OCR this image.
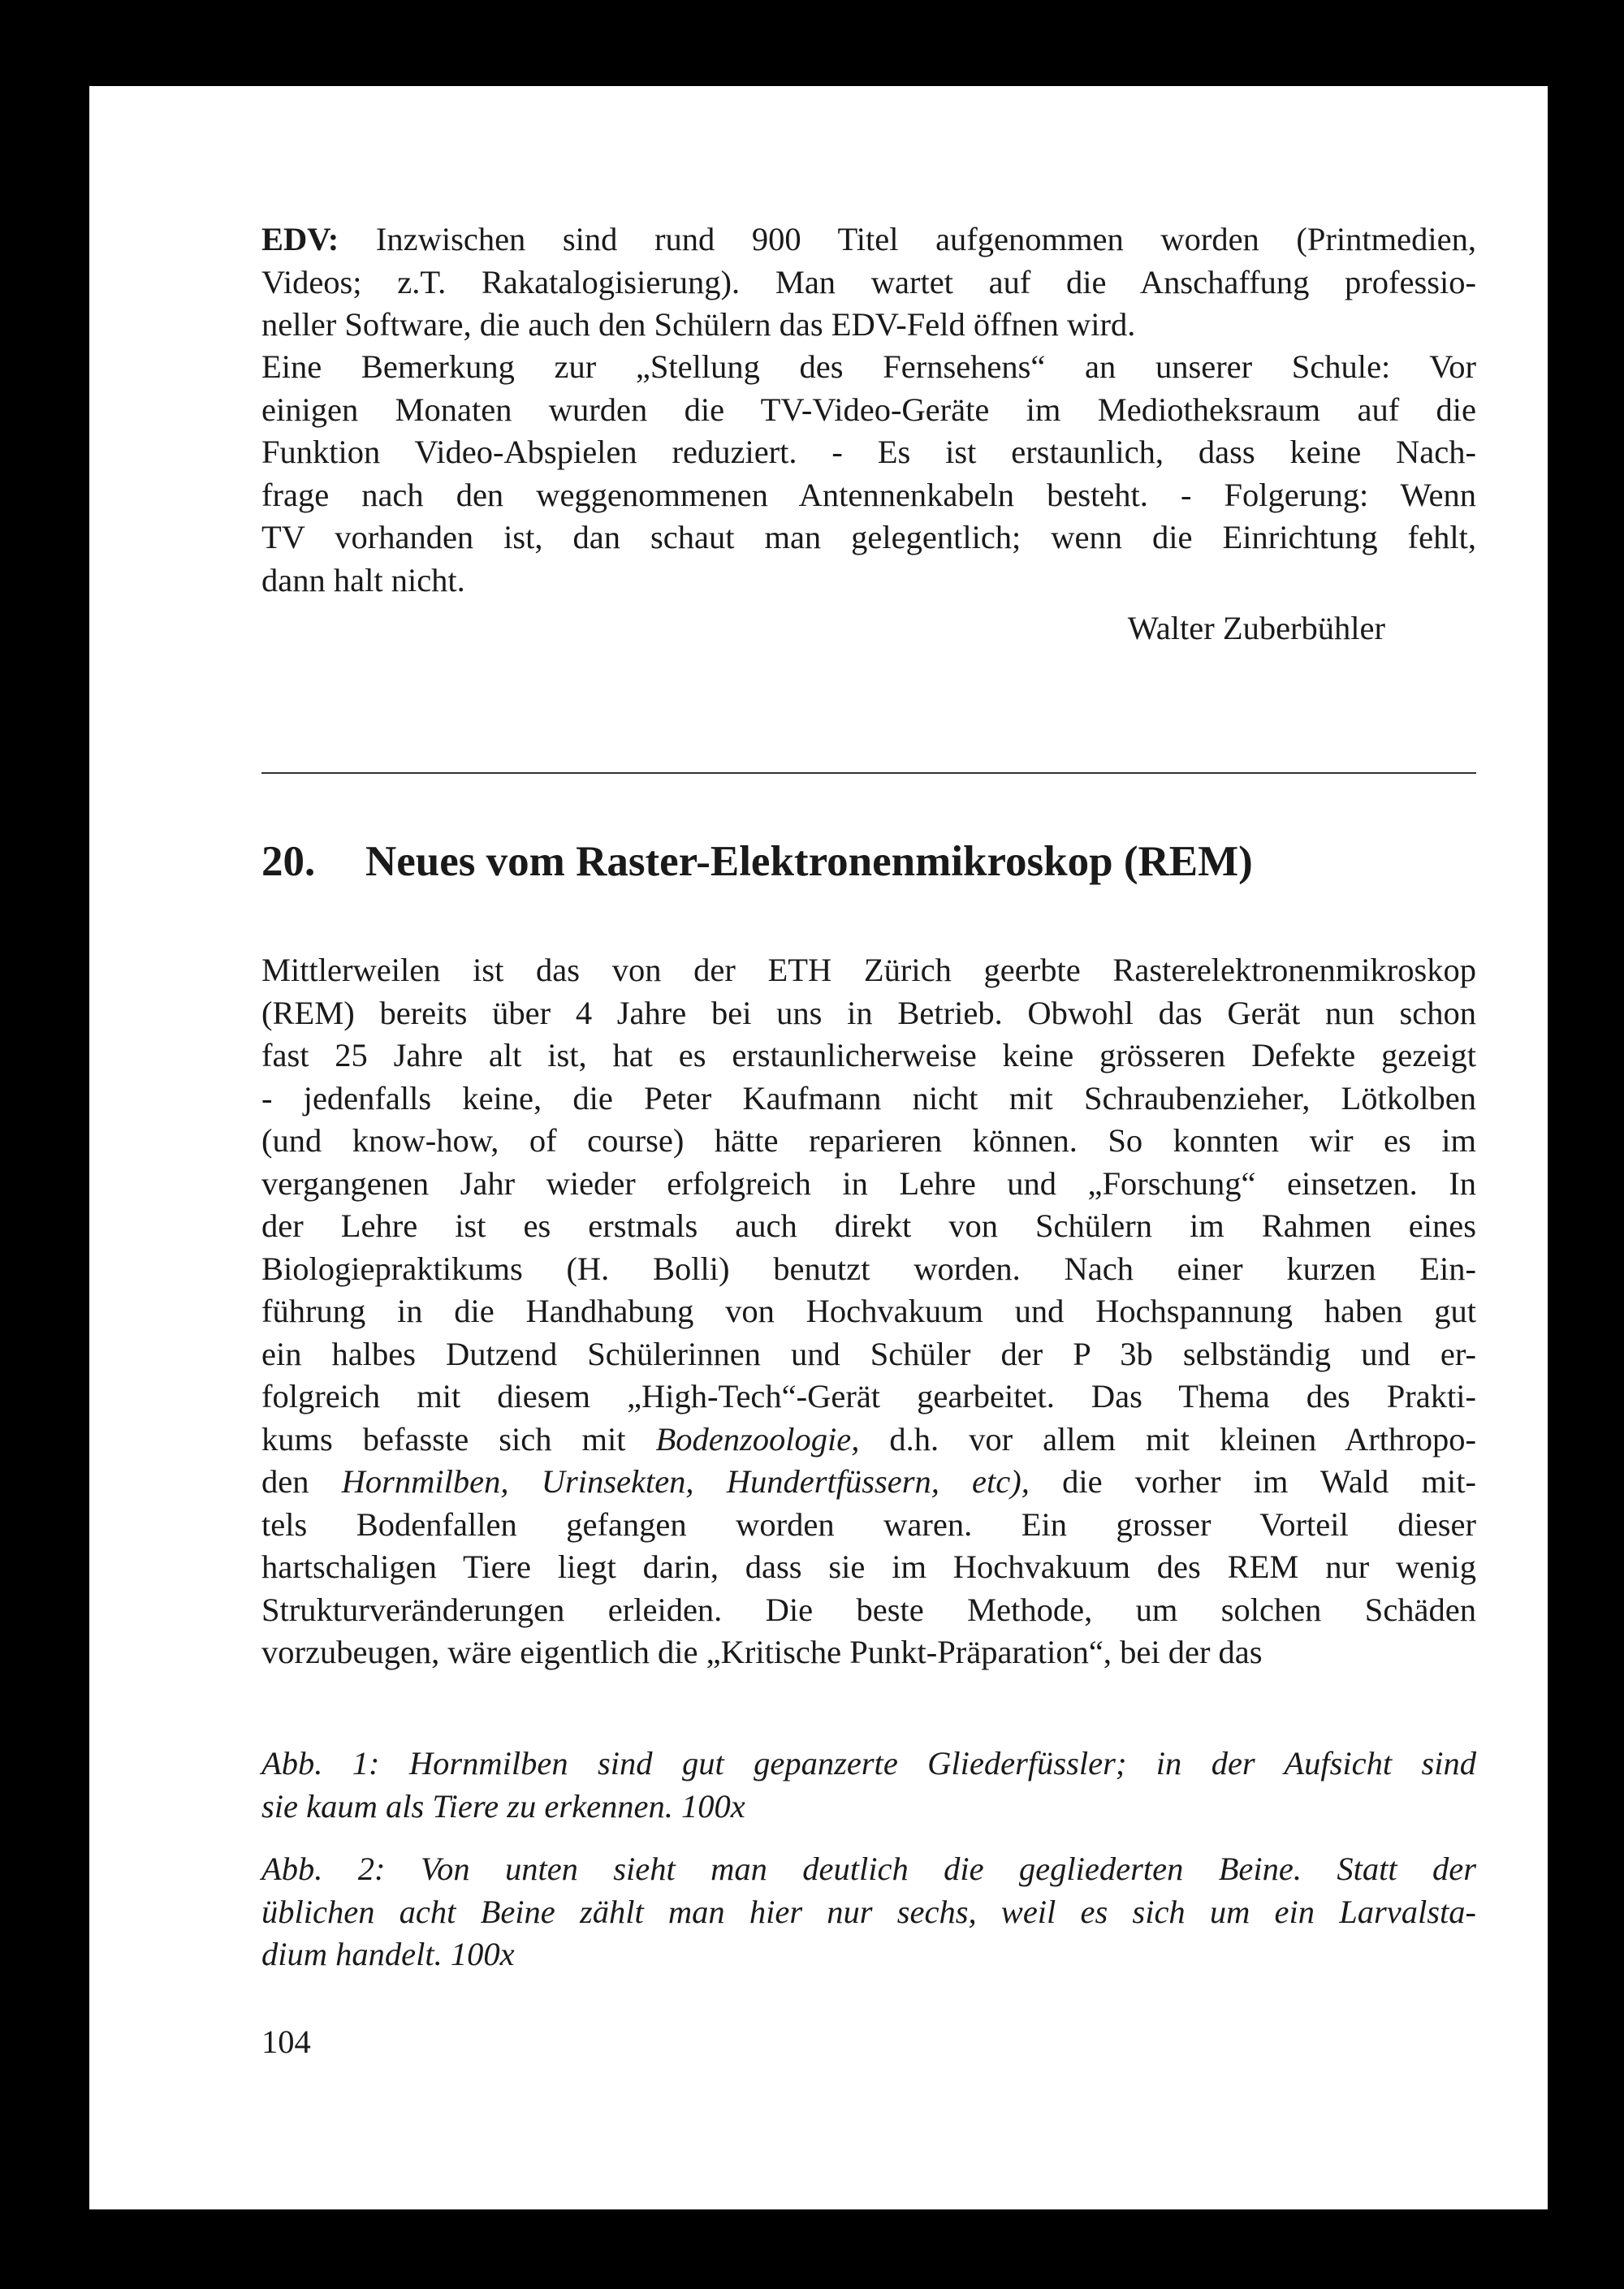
EDV: Inzwischen sind rund 900 Titel aufgenommen worden (Printmedien,
Videos; z.T. Rakatalogisierung). Man wartet auf die Anschaffung professio-
neller Software, die auch den Schülern das EDV-Feld öffnen wird.

Eine Bemerkung zur „Stellung des Fernsehens“ an unserer Schule: Vor
einigen Monaten wurden die TV-Video-Geräte im Mediotheksraum auf die
Funktion Video-Abspielen reduziert. - Es ist erstaunlich, dass keine Nach-
frage nach den weggenommenen Antennenkabeln besteht. - Folgerung: Wenn
TV vorhanden ist, dan schaut man gelegentlich; wenn die Einrichtung fehlt,
dann halt nicht.

Walter Zuberbühler
20. Neues vom Raster-Elektronenmikroskop (REM)

Mittlerweilen ist das von der ETH Zürich geerbte Rasterelektronenmikroskop
(REM) bereits über 4 Jahre bei uns in Betrieb. Obwohl das Gerät nun schon
fast 25 Jahre alt ist, hat es erstaunlicherweise keine grösseren Defekte gezeigt
- jedenfalls keine, die Peter Kaufmann nicht mit Schraubenzieher, Lötkolben
(und know-how, of course) hätte reparieren können. So konnten wir es im
vergangenen Jahr wieder erfolgreich in Lehre und „Forschung“ einsetzen. In
der Lehre ist es erstmals auch direkt von Schülern im Rahmen eines
Biologiepraktikums (H. Bolli) benutzt worden. Nach einer kurzen Ein-
führung in die Handhabung von Hochvakuum und Hochspannung haben gut
ein halbes Dutzend Schülerinnen und Schüler der P 3b selbständig und er-
folgreich mit diesem „High-Tech“-Gerät gearbeitet. Das Thema des Prakti-
kums befasste sich mit Bodenzoologie, d.h. vor allem mit kleinen Arthropo-
den Hornmilben, Urinsekten, Hundertfüssern, etc), die vorher im Wald mit-
tels Bodenfallen gefangen worden waren. Ein grosser Vorteil dieser
hartschaligen Tiere liegt darin, dass sie im Hochvakuum des REM nur wenig
Strukturveränderungen erleiden. Die beste Methode, um solchen Schäden
vorzubeugen, wäre eigentlich die „Kritische Punkt-Präparation“, bei der das

Abb. 1: Hornmilben sind gut gepanzerte Gliederfüssler; in der Aufsicht sind
sie kaum als Tiere zu erkennen. 100x

Abb. 2: Von unten sieht man deutlich die gegliederten Beine. Statt der
üblichen acht Beine zählt man hier nur sechs, weil es sich um ein Larvalsta-
dium handelt. 100x

104
